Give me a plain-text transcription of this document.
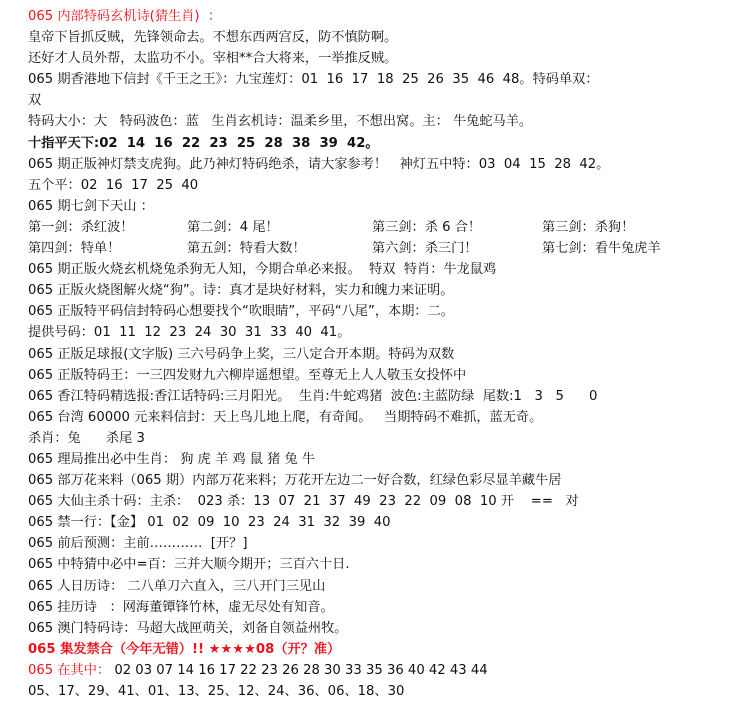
065 内部特码玄机诗(猜生肖)  ：
皇帝下旨抓反贼，先锋领命去。不想东西两宫反，防不慎防啊。
还好才人员外帮，太监功不小。宰相**合大将来，一举推反贼。
065 期香港地下信封《千王之王》：九宝莲灯：01  16  17  18  25  26  35  46  48。特码单双：
双
特码大小：大   特码波色：蓝   生肖玄机诗：温柔乡里，不想出窝。主： 牛兔蛇马羊。
十指平天下:02  14  16  22  23  25  28  38  39  42。
065 期正版神灯禁支虎狗。此乃神灯特码绝杀，请大家参考！   神灯五中特：03  04  15  28  42。
五个平：02  16  17  25  40
065 期七剑下天山 ：
第一剑：杀红波！	第二剑：4 尾！	第三剑：杀 6 合！	第三剑：杀狗！
第四剑：特单！	第五剑：特看大数！	第六剑：杀三门！	第七剑：看牛兔虎羊
065 期正版火烧玄机烧兔杀狗无人知，今期合单必来报。  特双  特肖：牛龙鼠鸡
065 正版火烧图解火烧“狗”。诗：真才是块好材料，实力和魄力来证明。
065 正版特平码信封特码心想要找个“吹眼睛”，平码“八尾”，本期：二。
提供号码：01  11  12  23  24  30  31  33  40  41。
065 正版足球报(文字版) 三六号码争上奖，三八定合开本期。特码为双数
065 正版特码王：一三四发财九六柳岸遥想望。至尊无上人人敬玉女投怀中
065 香江特码精选报:香江话特码:三月阳光。  生肖:牛蛇鸡猪  波色:主蓝防绿  尾数:1   3   5      0
065 台湾 60000 元来料信封：天上鸟儿地上爬，有奇闻。   当期特码不难抓，蓝无奇。
杀肖：兔      杀尾 3
065 理局推出必中生肖： 狗 虎 羊 鸡 鼠 猪 兔 牛
065 部万花来料（065 期）内部万花来料；万花开左边二一好合数，红绿色彩尽显羊藏牛居
065 大仙主杀十码：主杀：  023 杀：13  07  21  37  49  23  22  09  08  10 开    ==   对
065 禁一行：【金】 01  02  09  10  23  24  31  32  39  40
065 前后预测：主前…………  [开？]
065 中特猜中必中=百：三并大顺今期开；三百六十日.
065 人日历诗： 二八单刀六直入，三八开门三见山
065 挂历诗   ：网海董镡锋竹林，虚无尽处有知音。
065 澳门特码诗：马超大战匣萌关，刘备自领益州牧。
065 集发禁合（今年无错）!! ★★★★08（开？准）
065 在其中： 02 03 07 14 16 17 22 23 26 28 30 33 35 36 40 42 43 44
05、17、29、41、01、13、25、12、24、36、06、18、30
